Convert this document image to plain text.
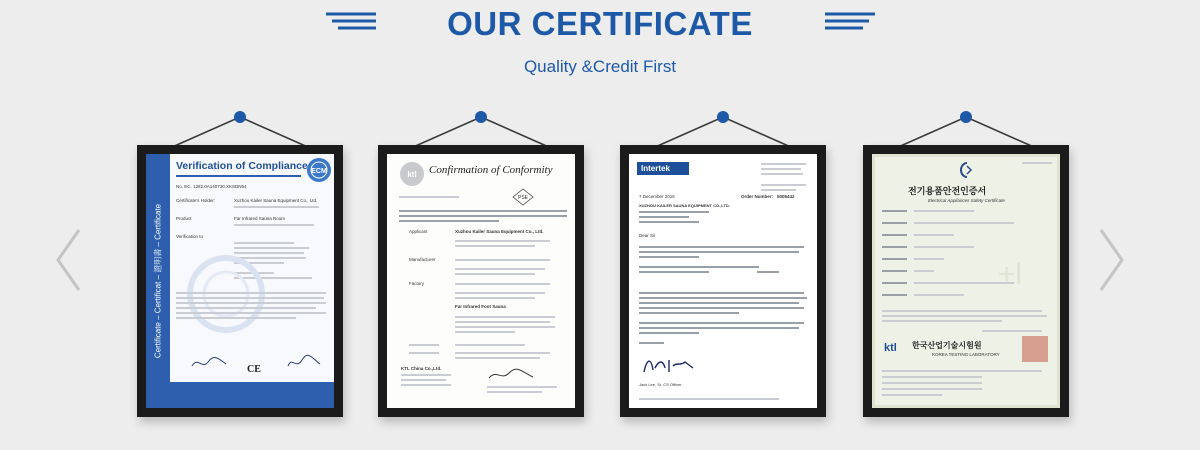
OUR CERTIFICATE
Quality &Credit First
Certificate – Certificat – 證明書 – Certificate
Verification of Compliance ECM
No. EC. 1282.0A140730.XKSDN54
Certificate's Holder:	Xuzhou Kailer Sauna Equipment Co., Ltd.
Product	Far Infrared Sauna Room
Verification to
CE
ktl Confirmation of Conformity
PSE
Applicant	Xuzhou Kailer Sauna Equipment Co., Ltd.
Manufacturer
Factory
Far Infrared Foot Sauna
KTL China Co.,Ltd.
Intertek
7 December 2016	Order Number: 5005442
XUZHOU KAILER SAUNA EQUIPMENT CO.,LTD.
Dear Sir
Jack Lee, Sr. CS Officer
전기용품안전인증서
Electrical Appliances Safety Certificate
+l
ktl 한국산업기술시험원
KOREA TESTING LABORATORY
